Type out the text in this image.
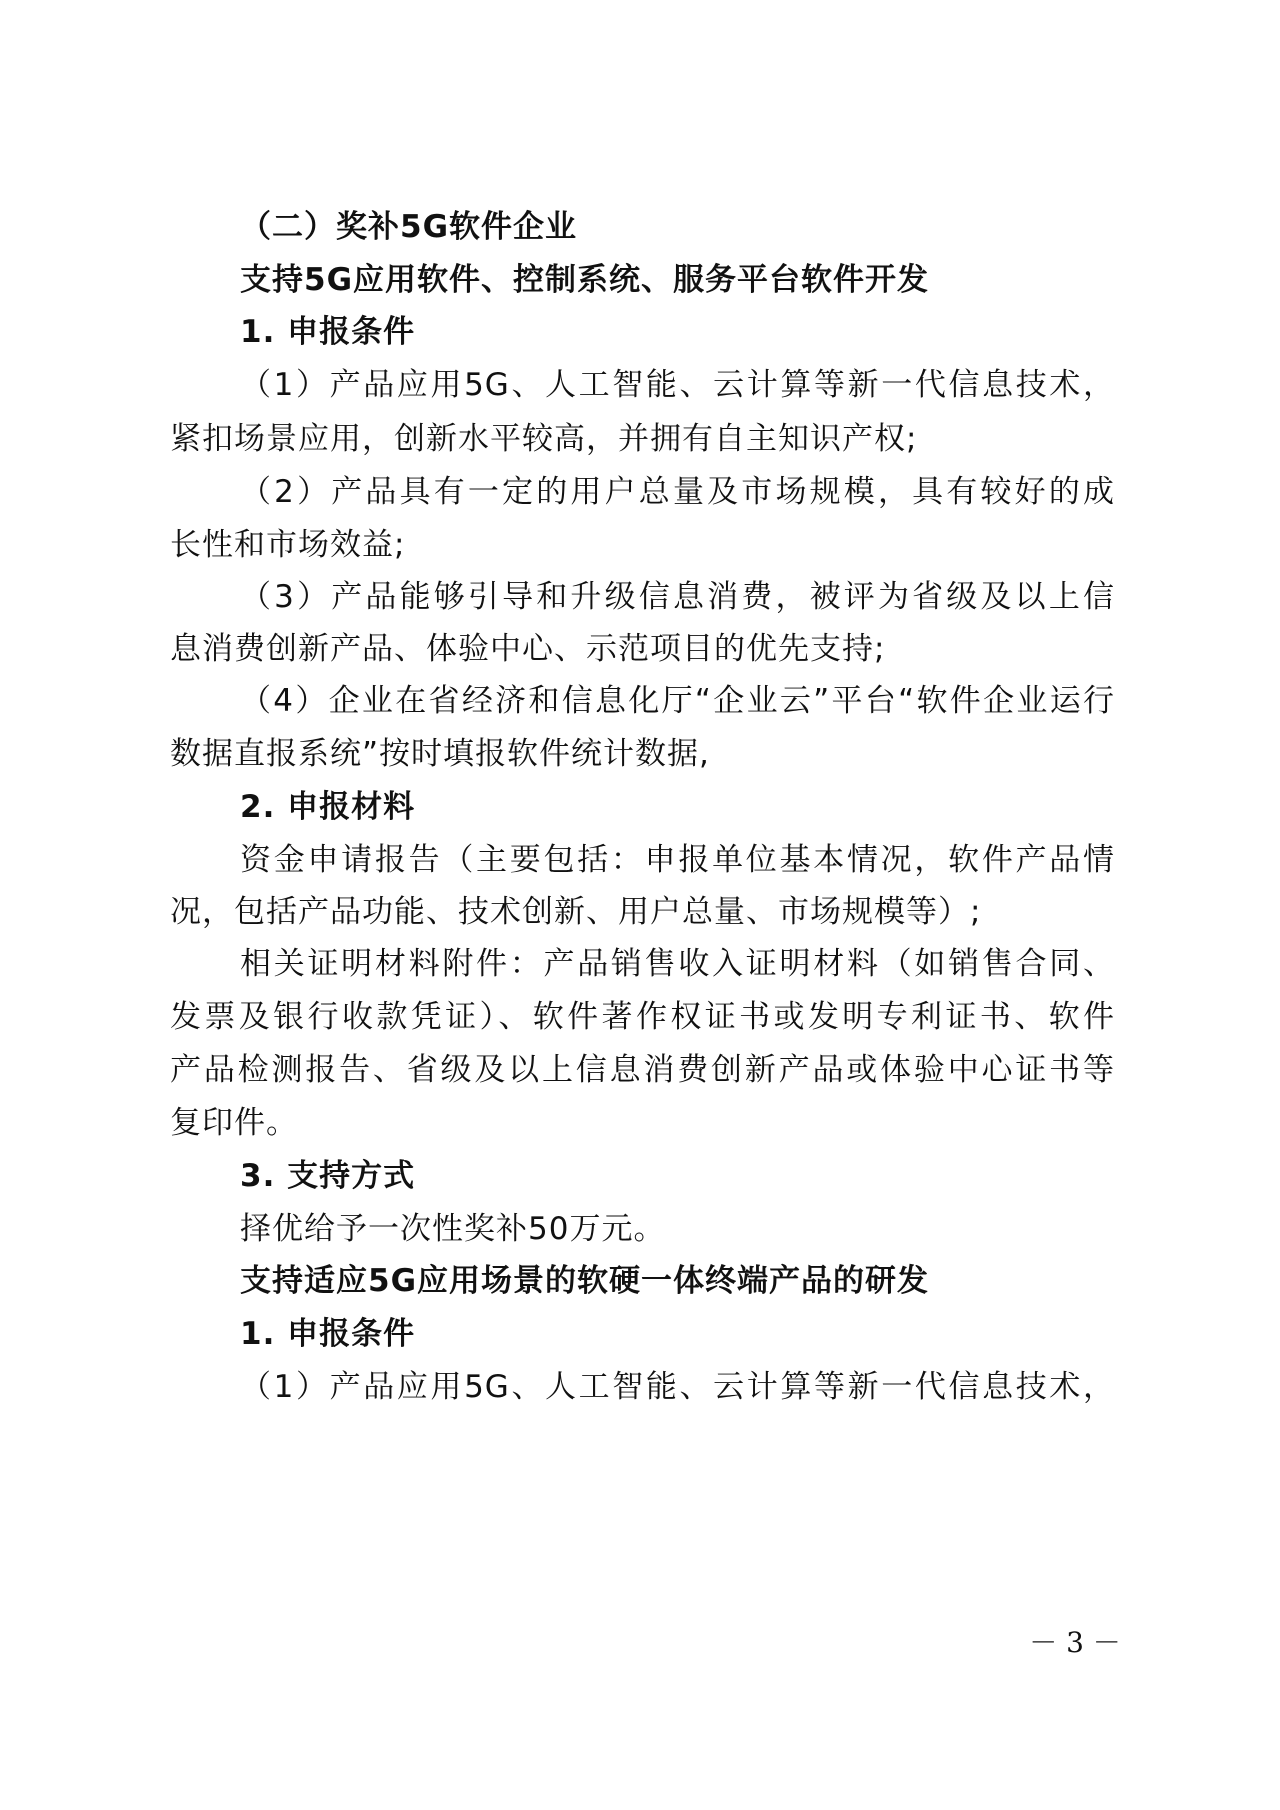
（二）奖补5G软件企业
支持5G应用软件、控制系统、服务平台软件开发
1. 申报条件
（1）产品应用5G、人工智能、云计算等新一代信息技术，
紧扣场景应用，创新水平较高，并拥有自主知识产权;
（2）产品具有一定的用户总量及市场规模，具有较好的成
长性和市场效益;
（3）产品能够引导和升级信息消费，被评为省级及以上信
息消费创新产品、体验中心、示范项目的优先支持;
（4）企业在省经济和信息化厅“企业云”平台“软件企业运行
数据直报系统”按时填报软件统计数据,
2. 申报材料
资金申请报告（主要包括：申报单位基本情况，软件产品情
况，包括产品功能、技术创新、用户总量、市场规模等）;
相关证明材料附件：产品销售收入证明材料（如销售合同、
发票及银行收款凭证）、软件著作权证书或发明专利证书、软件
产品检测报告、省级及以上信息消费创新产品或体验中心证书等
复印件。
3. 支持方式
择优给予一次性奖补50万元。
支持适应5G应用场景的软硬一体终端产品的研发
1. 申报条件
（1）产品应用5G、人工智能、云计算等新一代信息技术，
－ 3 －
